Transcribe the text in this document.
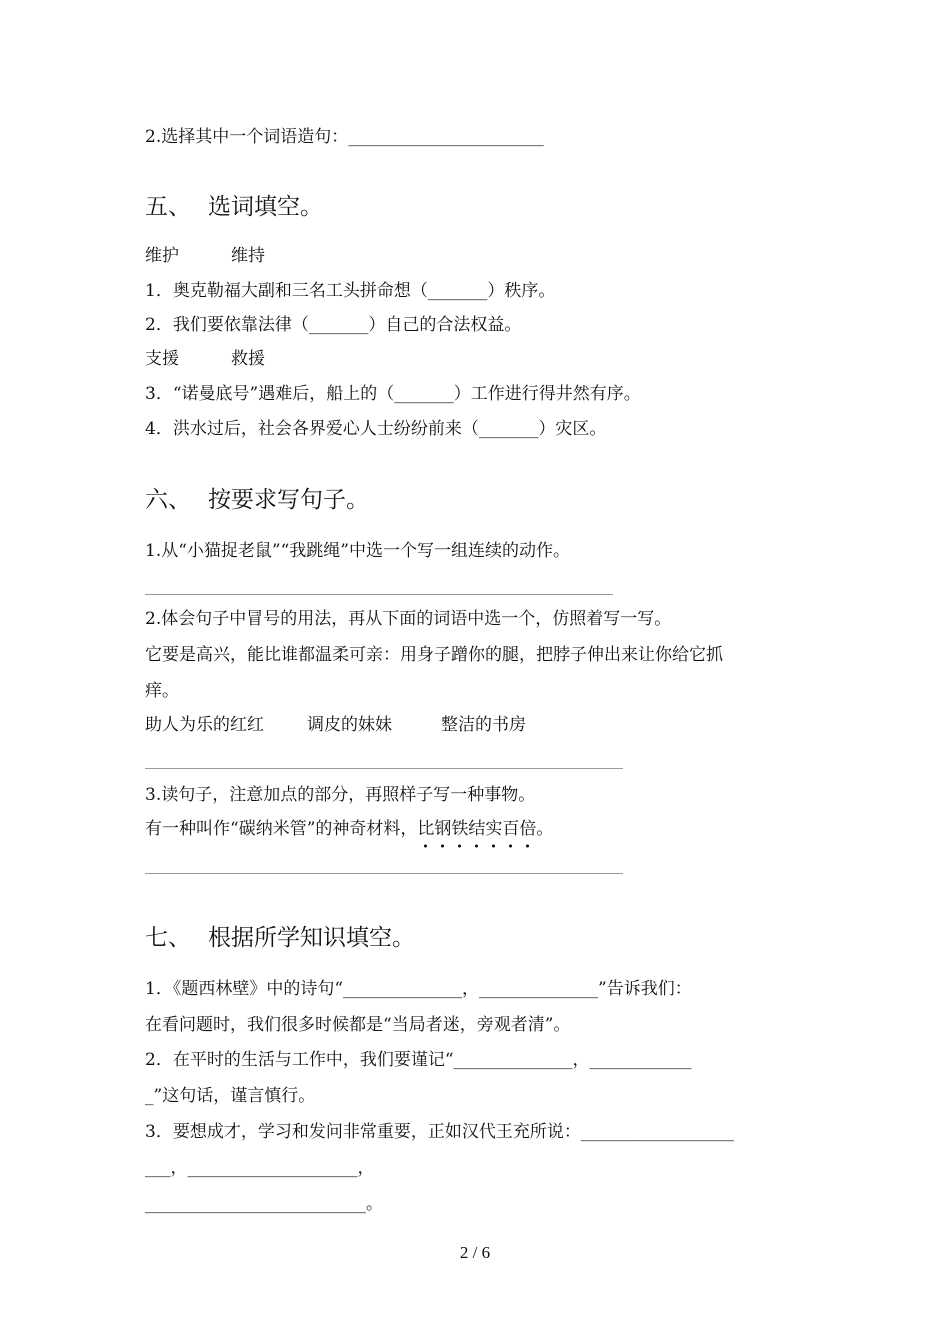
2.选择其中一个词语造句：_______________________
五、 选词填空。
维护	维持
1．奥克勒福大副和三名工头拼命想（_______）秩序。
2．我们要依靠法律（_______）自己的合法权益。
支援	救援
3．“诺曼底号”遇难后，船上的（_______）工作进行得井然有序。
4．洪水过后，社会各界爱心人士纷纷前来（_______）灾区。
六、 按要求写句子。
1.从“小猫捉老鼠”“我跳绳”中选一个写一组连续的动作。
2.体会句子中冒号的用法，再从下面的词语中选一个，仿照着写一写。
它要是高兴，能比谁都温柔可亲：用身子蹭你的腿，把脖子伸出来让你给它抓
痒。
助人为乐的红红	调皮的妹妹	整洁的书房
3.读句子，注意加点的部分，再照样子写一种事物。
有一种叫作“碳纳米管”的神奇材料，比钢铁结实百倍
。
七、 根据所学知识填空。
1．《题西林壁》中的诗句“______________，______________”告诉我们：
在看问题时，我们很多时候都是“当局者迷，旁观者清”。
2．在平时的生活与工作中，我们要谨记“______________，____________
_”这句话，谨言慎行。
3．要想成才，学习和发问非常重要，正如汉代王充所说：__________________
___，____________________，
__________________________。
2 / 6
